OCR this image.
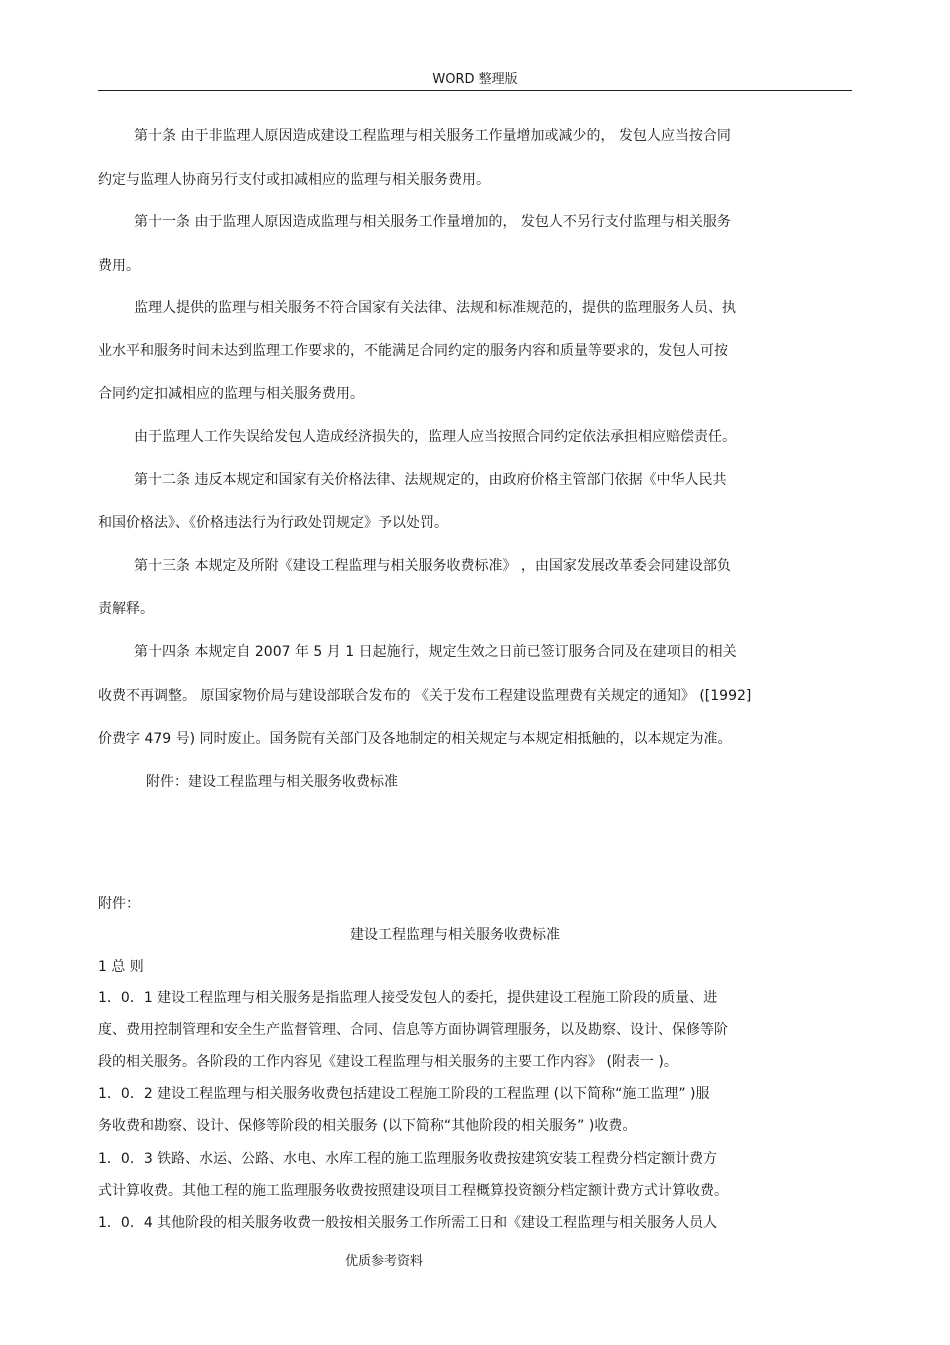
WORD 整理版
第十条 由于非监理人原因造成建设工程监理与相关服务工作量增加或减少的， 发包人应当按合同
约定与监理人协商另行支付或扣减相应的监理与相关服务费用。
第十一条 由于监理人原因造成监理与相关服务工作量增加的， 发包人不另行支付监理与相关服务
费用。
监理人提供的监理与相关服务不符合国家有关法律、法规和标准规范的，提供的监理服务人员、执
业水平和服务时间未达到监理工作要求的，不能满足合同约定的服务内容和质量等要求的，发包人可按
合同约定扣减相应的监理与相关服务费用。
由于监理人工作失误给发包人造成经济损失的，监理人应当按照合同约定依法承担相应赔偿责任。
第十二条 违反本规定和国家有关价格法律、法规规定的，由政府价格主管部门依据《中华人民共
和国价格法》、《价格违法行为行政处罚规定》予以处罚。
第十三条 本规定及所附《建设工程监理与相关服务收费标准》 ，由国家发展改革委会同建设部负
责解释。
第十四条 本规定自 2007 年 5 月 1 日起施行，规定生效之日前已签订服务合同及在建项目的相关
收费不再调整。 原国家物价局与建设部联合发布的 《关于发布工程建设监理费有关规定的通知》 ([1992]
价费字 479 号) 同时废止。国务院有关部门及各地制定的相关规定与本规定相抵触的，以本规定为准。
附件：建设工程监理与相关服务收费标准
附件：
建设工程监理与相关服务收费标准
1 总 则
1．0．1 建设工程监理与相关服务是指监理人接受发包人的委托，提供建设工程施工阶段的质量、进
度、费用控制管理和安全生产监督管理、合同、信息等方面协调管理服务，以及勘察、设计、保修等阶
段的相关服务。各阶段的工作内容见《建设工程监理与相关服务的主要工作内容》 (附表一 )。
1．0．2 建设工程监理与相关服务收费包括建设工程施工阶段的工程监理 (以下简称“施工监理” )服
务收费和勘察、设计、保修等阶段的相关服务 (以下简称“其他阶段的相关服务” )收费。
1．0．3 铁路、水运、公路、水电、水库工程的施工监理服务收费按建筑安装工程费分档定额计费方
式计算收费。其他工程的施工监理服务收费按照建设项目工程概算投资额分档定额计费方式计算收费。
1．0．4 其他阶段的相关服务收费一般按相关服务工作所需工日和《建设工程监理与相关服务人员人
优质参考资料
